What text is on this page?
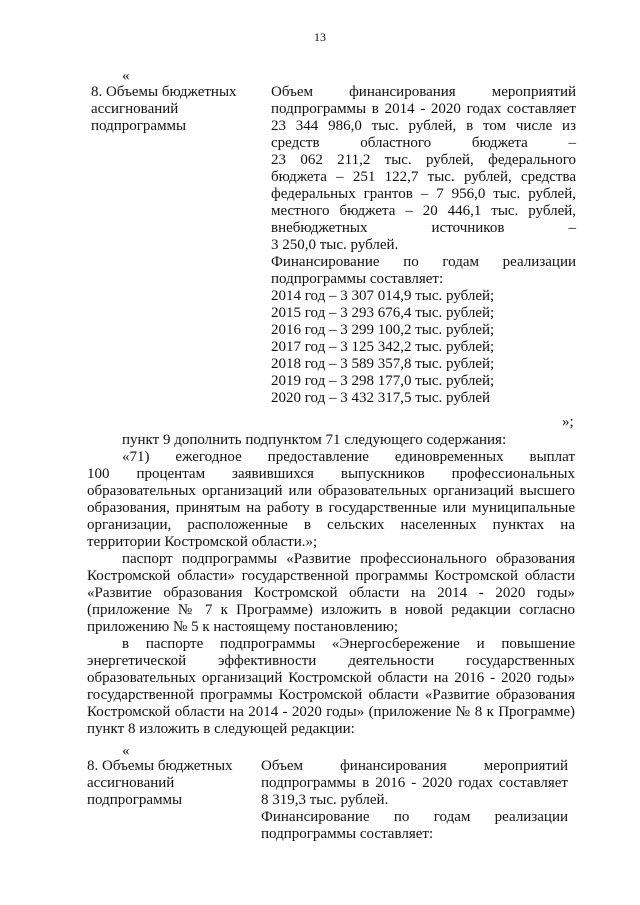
13
«
8. Объемы бюджетных
ассигнований
подпрограммы
Объем финансирования мероприятий
подпрограммы в 2014 - 2020 годах составляет
23 344 986,0 тыс. рублей, в том числе из
средств областного бюджета –
23 062 211,2 тыс. рублей, федерального
бюджета – 251 122,7 тыс. рублей, средства
федеральных грантов – 7 956,0 тыс. рублей,
местного бюджета – 20 446,1 тыс. рублей,
внебюджетных источников –
3 250,0 тыс. рублей.
Финансирование по годам реализации
подпрограммы составляет:
2014 год – 3 307 014,9 тыс. рублей;
2015 год – 3 293 676,4 тыс. рублей;
2016 год – 3 299 100,2 тыс. рублей;
2017 год – 3 125 342,2 тыс. рублей;
2018 год – 3 589 357,8 тыс. рублей;
2019 год – 3 298 177,0 тыс. рублей;
2020 год – 3 432 317,5 тыс. рублей
»;
пункт 9 дополнить подпунктом 71 следующего содержания:
«71) ежегодное предоставление единовременных выплат
100 процентам заявившихся выпускников профессиональных
образовательных организаций или образовательных организаций высшего
образования, принятым на работу в государственные или муниципальные
организации, расположенные в сельских населенных пунктах на
территории Костромской области.»;
паспорт подпрограммы «Развитие профессионального образования
Костромской области» государственной программы Костромской области
«Развитие образования Костромской области на 2014 - 2020 годы»
(приложение № 7 к Программе) изложить в новой редакции согласно
приложению № 5 к настоящему постановлению;
в паспорте подпрограммы «Энергосбережение и повышение
энергетической эффективности деятельности государственных
образовательных организаций Костромской области на 2016 - 2020 годы»
государственной программы Костромской области «Развитие образования
Костромской области на 2014 - 2020 годы» (приложение № 8 к Программе)
пункт 8 изложить в следующей редакции:
«
8. Объемы бюджетных
ассигнований
подпрограммы
Объем финансирования мероприятий
подпрограммы в 2016 - 2020 годах составляет
8 319,3 тыс. рублей.
Финансирование по годам реализации
подпрограммы составляет:
